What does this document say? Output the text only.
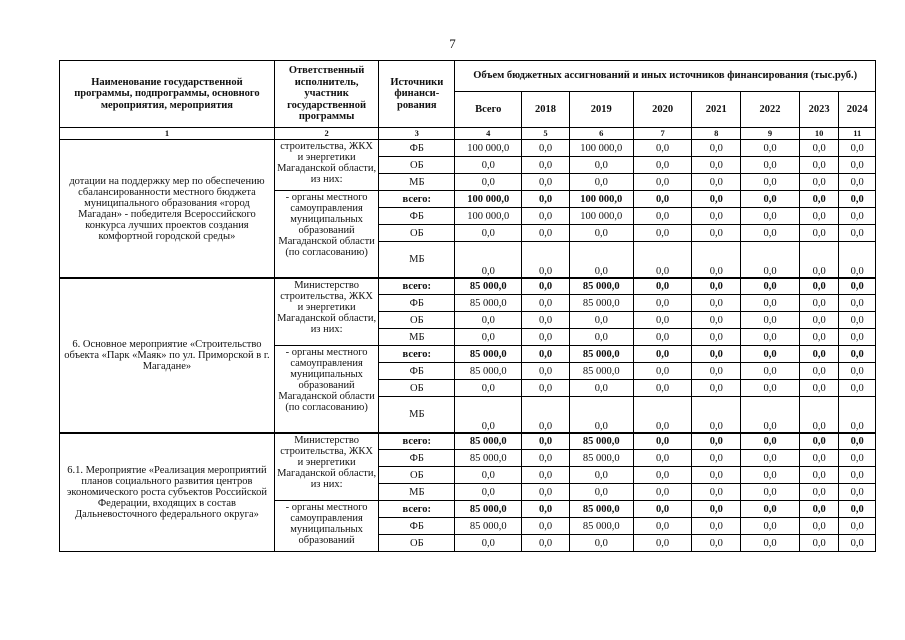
7
Наименование государственной программы, подпрограммы, основного мероприятия, мероприятия	Ответственный исполнитель, участник государственной программы	Источники финанси-рования	Объем бюджетных ассигнований и иных источников финансирования (тыс.руб.)							
			Всего	2018	2019	2020	2021	2022	2023	2024
1	2	3	4	5	6	7	8	9	10	11
дотации на поддержку мер по обеспечению сбалансированности местного бюджета муниципального образования «город Магадан» - победителя Всероссийского конкурса лучших проектов создания комфортной городской среды»	строительства, ЖКХ и энергетики Магаданской области, из них:	ФБ	100 000,0	0,0	100 000,0	0,0	0,0	0,0	0,0	0,0
		ОБ	0,0	0,0	0,0	0,0	0,0	0,0	0,0	0,0
		МБ	0,0	0,0	0,0	0,0	0,0	0,0	0,0	0,0
	- органы местного самоуправления муниципальных образований Магаданской области (по согласованию)	всего:	100 000,0	0,0	100 000,0	0,0	0,0	0,0	0,0	0,0
		ФБ	100 000,0	0,0	100 000,0	0,0	0,0	0,0	0,0	0,0
		ОБ	0,0	0,0	0,0	0,0	0,0	0,0	0,0	0,0
		МБ	0,0	0,0	0,0	0,0	0,0	0,0	0,0	0,0
6. Основное мероприятие «Строительство объекта «Парк «Маяк» по ул. Приморской в г. Магадане»	Министерство строительства, ЖКХ и энергетики Магаданской области, из них:	всего:	85 000,0	0,0	85 000,0	0,0	0,0	0,0	0,0	0,0
		ФБ	85 000,0	0,0	85 000,0	0,0	0,0	0,0	0,0	0,0
		ОБ	0,0	0,0	0,0	0,0	0,0	0,0	0,0	0,0
		МБ	0,0	0,0	0,0	0,0	0,0	0,0	0,0	0,0
	- органы местного самоуправления муниципальных образований Магаданской области (по согласованию)	всего:	85 000,0	0,0	85 000,0	0,0	0,0	0,0	0,0	0,0
		ФБ	85 000,0	0,0	85 000,0	0,0	0,0	0,0	0,0	0,0
		ОБ	0,0	0,0	0,0	0,0	0,0	0,0	0,0	0,0
		МБ	0,0	0,0	0,0	0,0	0,0	0,0	0,0	0,0
6.1. Мероприятие «Реализация мероприятий планов социального развития центров экономического роста субъектов Российской Федерации, входящих в состав Дальневосточного федерального округа»	Министерство строительства, ЖКХ и энергетики Магаданской области, из них:	всего:	85 000,0	0,0	85 000,0	0,0	0,0	0,0	0,0	0,0
		ФБ	85 000,0	0,0	85 000,0	0,0	0,0	0,0	0,0	0,0
		ОБ	0,0	0,0	0,0	0,0	0,0	0,0	0,0	0,0
		МБ	0,0	0,0	0,0	0,0	0,0	0,0	0,0	0,0
	- органы местного самоуправления муниципальных образований	всего:	85 000,0	0,0	85 000,0	0,0	0,0	0,0	0,0	0,0
		ФБ	85 000,0	0,0	85 000,0	0,0	0,0	0,0	0,0	0,0
		ОБ	0,0	0,0	0,0	0,0	0,0	0,0	0,0	0,0
